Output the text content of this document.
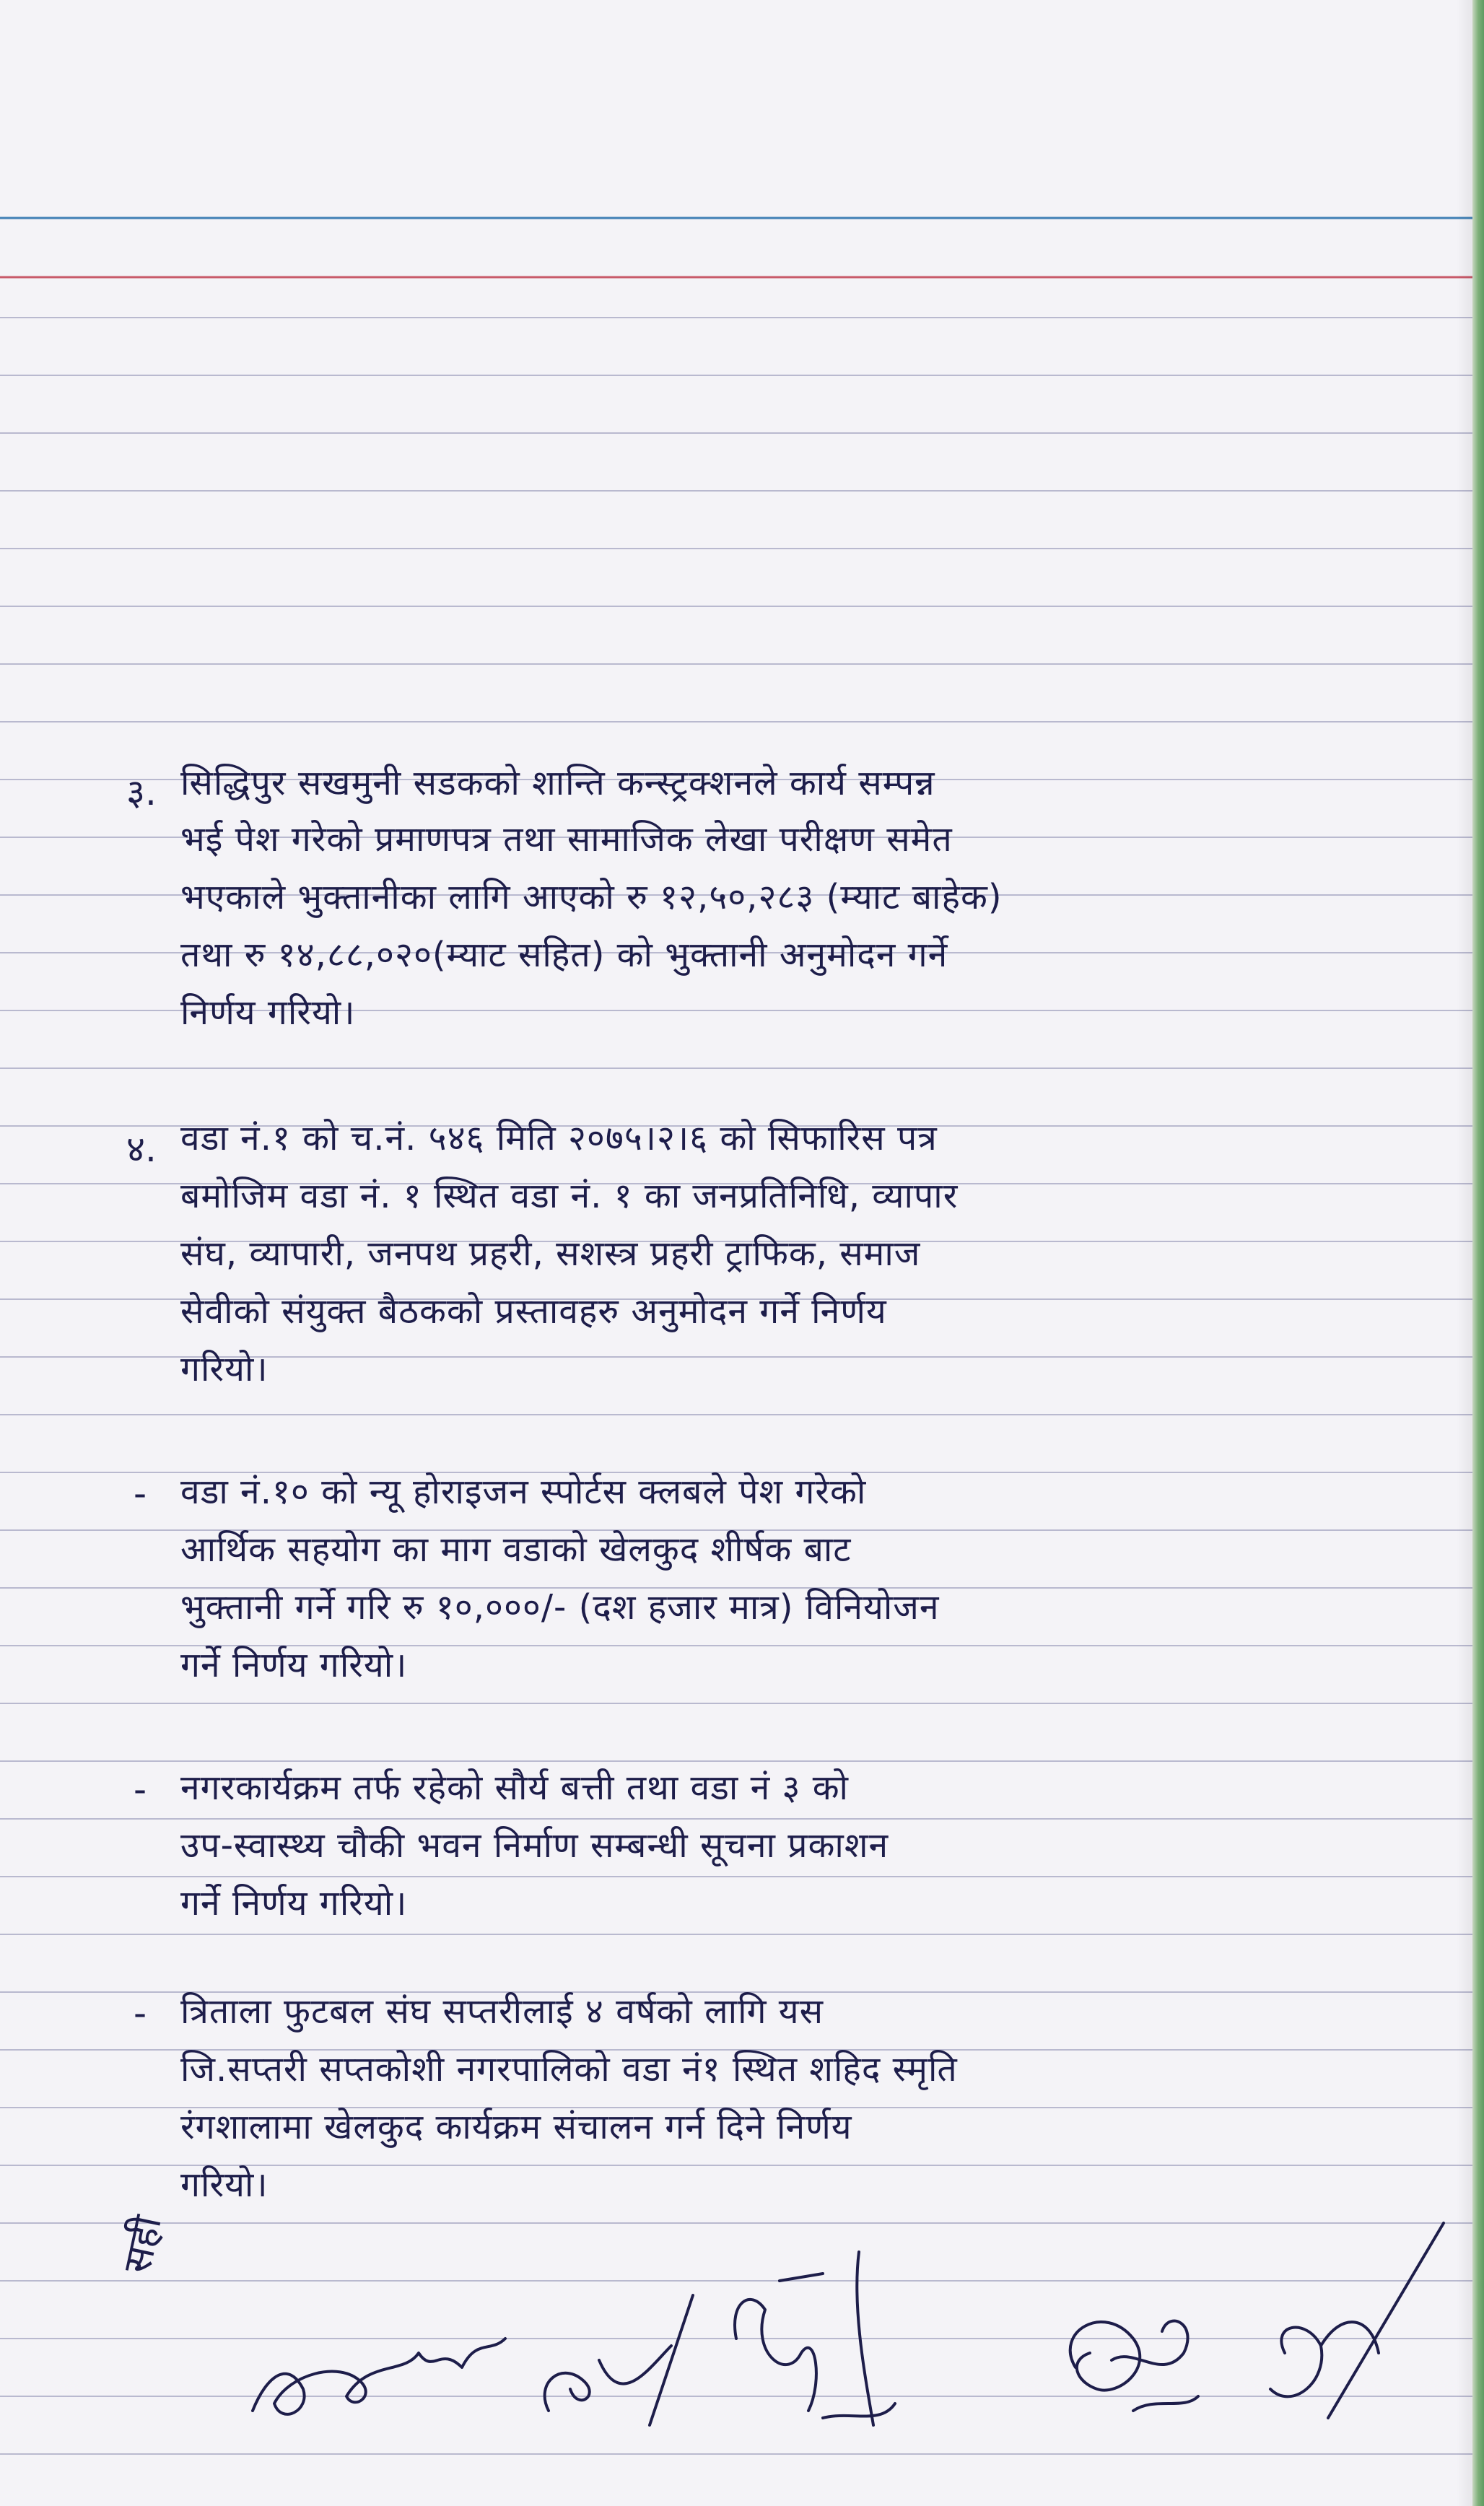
३. सिद्धिपुर सखमुनी सडकको शान्ति कन्स्ट्रक्शनले कार्य सम्पन्न
भई पेश गरेको प्रमाणपत्र तथा सामाजिक लेखा परीक्षण समेत
भएकाले भुक्तानीका लागि आएको रु १२,५०,२८३ (म्याट बाहेक)
तथा रु १४,८८,०२०(म्याट सहित) को भुक्तानी अनुमोदन गर्ने
निर्णय गरियो।
४. वडा नं.१ को च.नं. ५४६ मिति २०७५।२।६ को सिफारिस पत्र
बमोजिम वडा नं. १ स्थित वडा नं. १ का जनप्रतिनिधि, व्यापार
संघ, व्यापारी, जनपथ प्रहरी, सशस्त्र प्रहरी ट्राफिक, समाज
सेवीको संयुक्त बैठकको प्रस्तावहरु अनुमोदन गर्ने निर्णय
गरियो।
- वडा नं.१० को न्यू होराइजन स्पोर्टस क्लबले पेश गरेको
आर्थिक सहयोग का माग वडाको खेलकुद शीर्षक बाट
भुक्तानी गर्ने गरि रु १०,०००/- (दश हजार मात्र) विनियोजन
गर्ने निर्णय गरियो।
- नगरकार्यक्रम तर्फ रहेको सौर्य बत्ती तथा वडा नं ३ को
उप-स्वास्थ्य चौकी भवन निर्माण सम्बन्धी सूचना प्रकाशन
गर्ने निर्णय गरियो।
- त्रिताला फुटबल संघ सप्तरीलाई ४ वर्षको लागि यस
जि.सप्तरी सप्तकोशी नगरपालिको वडा नं१ स्थित शहिद स्मृति
रंगशालामा खेलकुद कार्यक्रम संचालन गर्न दिने निर्णय
गरियो।
सही
